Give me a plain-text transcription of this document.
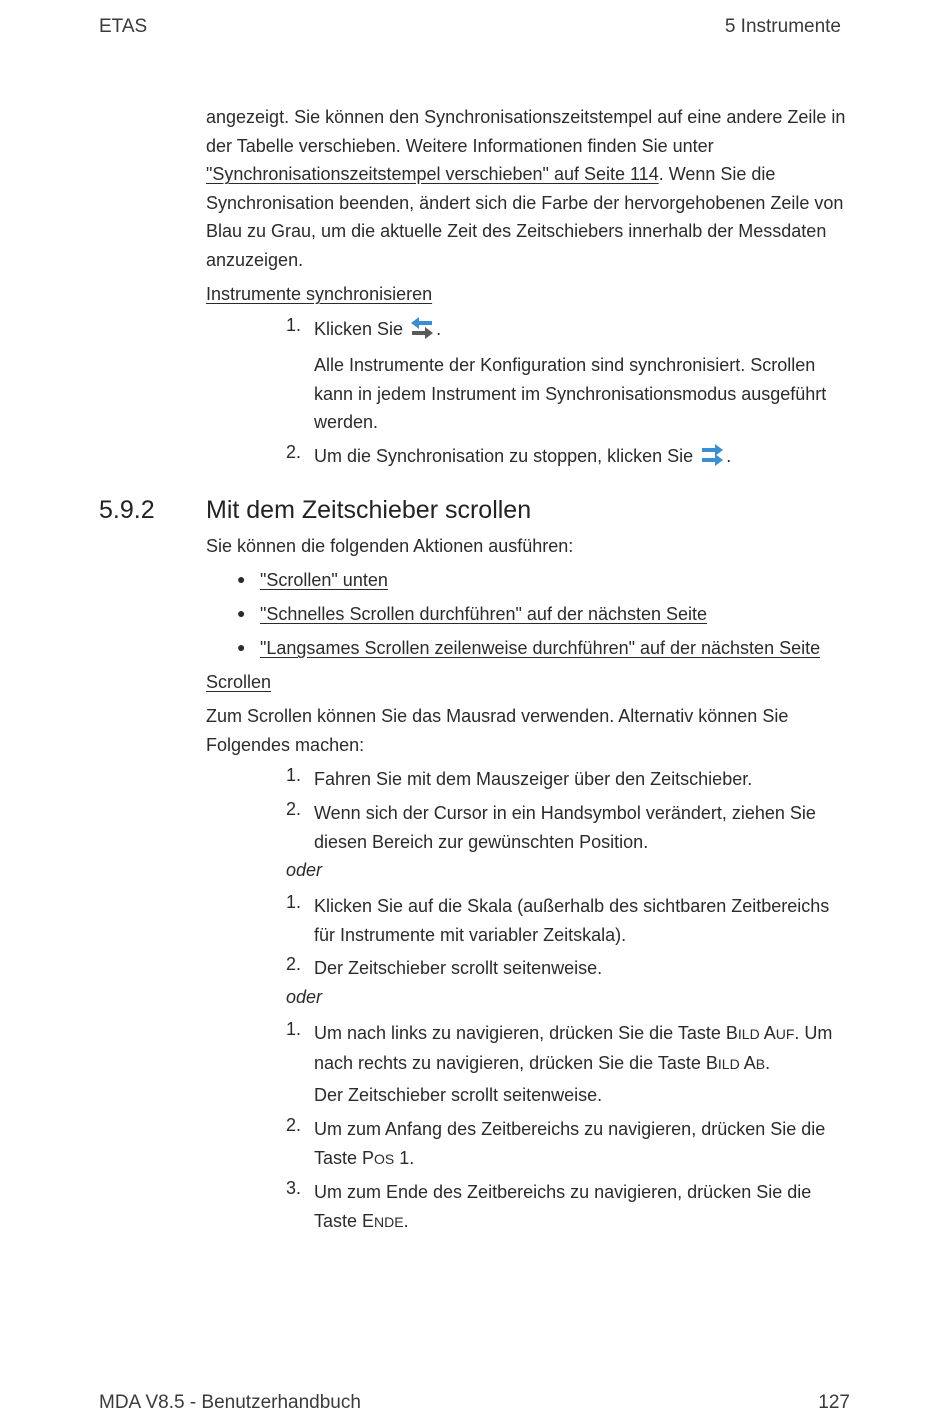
ETAS	5 Instrumente
angezeigt. Sie können den Synchronisationszeitstempel auf eine andere Zeile in der Tabelle verschieben. Weitere Informationen finden Sie unter "Synchronisationszeitstempel verschieben" auf Seite 114. Wenn Sie die Synchronisation beenden, ändert sich die Farbe der hervorgehobenen Zeile von Blau zu Grau, um die aktuelle Zeit des Zeitschiebers innerhalb der Messdaten anzuzeigen.
Instrumente synchronisieren
1. Klicken Sie .
Alle Instrumente der Konfiguration sind synchronisiert. Scrollen kann in jedem Instrument im Synchronisationsmodus ausgeführt werden.
2. Um die Synchronisation zu stoppen, klicken Sie .
5.9.2 Mit dem Zeitschieber scrollen
Sie können die folgenden Aktionen ausführen:
● "Scrollen" unten
● "Schnelles Scrollen durchführen" auf der nächsten Seite
● "Langsames Scrollen zeilenweise durchführen" auf der nächsten Seite
Scrollen
Zum Scrollen können Sie das Mausrad verwenden. Alternativ können Sie Folgendes machen:
1. Fahren Sie mit dem Mauszeiger über den Zeitschieber.
2. Wenn sich der Cursor in ein Handsymbol verändert, ziehen Sie diesen Bereich zur gewünschten Position.
oder
1. Klicken Sie auf die Skala (außerhalb des sichtbaren Zeitbereichs für Instrumente mit variabler Zeitskala).
2. Der Zeitschieber scrollt seitenweise.
oder
1. Um nach links zu navigieren, drücken Sie die Taste BILD AUF. Um nach rechts zu navigieren, drücken Sie die Taste BILD AB.
Der Zeitschieber scrollt seitenweise.
2. Um zum Anfang des Zeitbereichs zu navigieren, drücken Sie die Taste POS 1.
3. Um zum Ende des Zeitbereichs zu navigieren, drücken Sie die Taste ENDE.
MDA V8.5 - Benutzerhandbuch	127
